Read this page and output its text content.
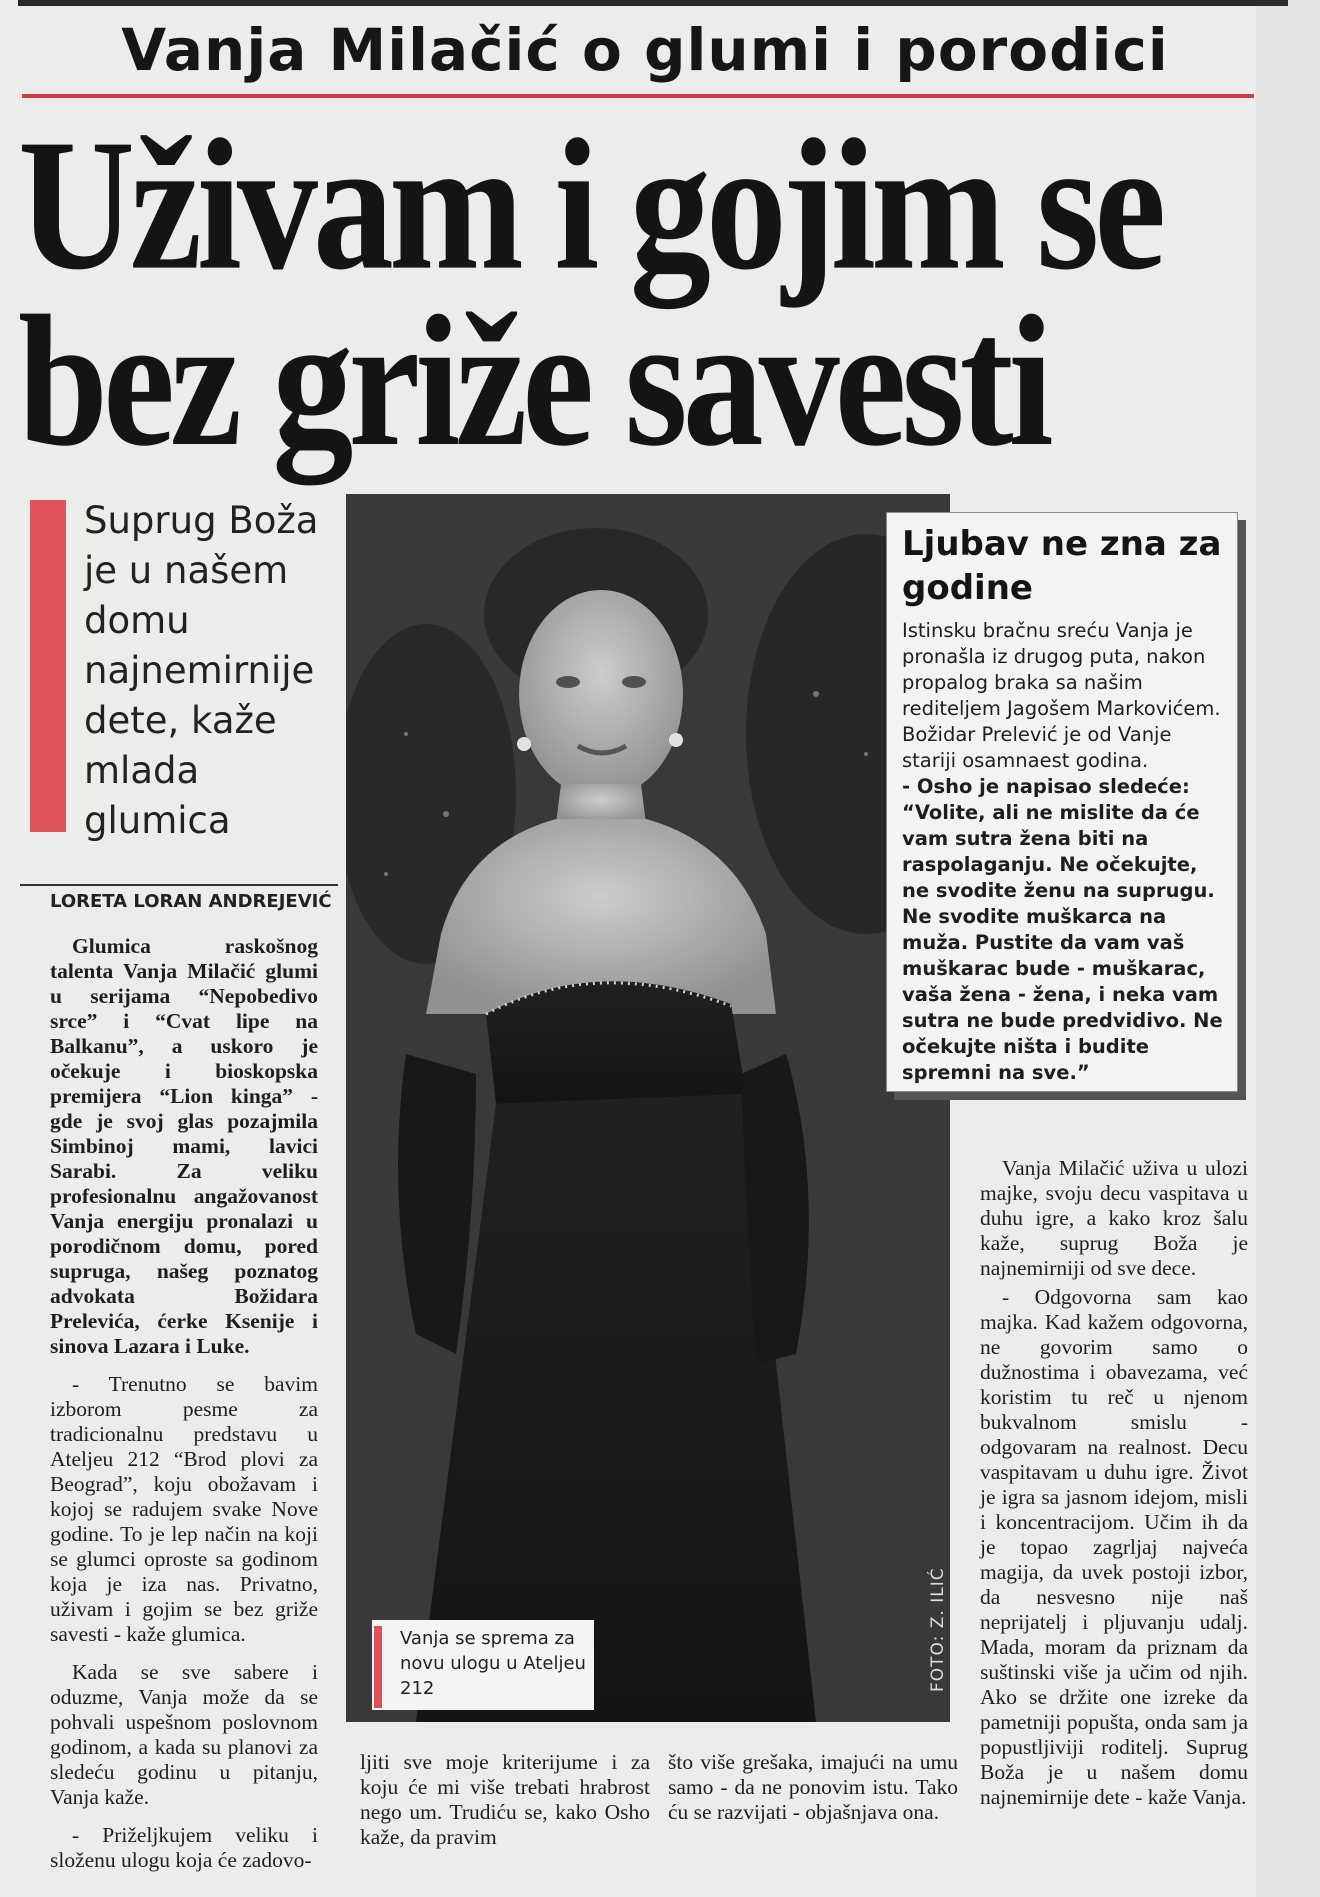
Vanja Milačić o glumi i porodici
Uživam i gojim se
bez griže savesti
Suprug Boža je u našem domu najnemirnije dete, kaže mlada glumica
LORETA LORAN ANDREJEVIĆ

Glumica raskošnog talenta Vanja Milačić glumi u serijama “Nepobedivo srce” i “Cvat lipe na Balkanu”, a uskoro je očekuje i bioskopska premijera “Lion kinga” - gde je svoj glas pozajmila Simbinoj mami, lavici Sarabi. Za veliku profesionalnu angažovanost Vanja energiju pronalazi u porodičnom domu, pored supruga, našeg poznatog advokata Božidara Prelevića, ćerke Ksenije i sinova Lazara i Luke.

- Trenutno se bavim izborom pesme za tradicionalnu predstavu u Ateljeu 212 “Brod plovi za Beograd”, koju obožavam i kojoj se radujem svake Nove godine. To je lep način na koji se glumci oproste sa godinom koja je iza nas. Privatno, uživam i gojim se bez griže savesti - kaže glumica.

Kada se sve sabere i oduzme, Vanja može da se pohvali uspešnom poslovnom godinom, a kada su planovi za sledeću godinu u pitanju, Vanja kaže.

- Priželjkujem veliku i složenu ulogu koja će zadovo-

Vanja se sprema za novu ulogu u Ateljeu 212	FOTO: Z. ILIĆ
Ljubav ne zna za godine

Istinsku bračnu sreću Vanja je pronašla iz drugog puta, nakon propalog braka sa našim rediteljem Jagošem Markovićem. Božidar Prelević je od Vanje stariji osamnaest godina.

- Osho je napisao sledeće: “Volite, ali ne mislite da će vam sutra žena biti na raspolaganju. Ne očekujte, ne svodite ženu na suprugu. Ne svodite muškarca na muža. Pustite da vam vaš muškarac bude - muškarac, vaša žena - žena, i neka vam sutra ne bude predvidivo. Ne očekujte ništa i budite spremni na sve.”

Vanja Milačić uživa u ulozi majke, svoju decu vaspitava u duhu igre, a kako kroz šalu kaže, suprug Boža je najnemirniji od sve dece.

- Odgovorna sam kao majka. Kad kažem odgovorna, ne govorim samo o dužnostima i obavezama, već koristim tu reč u njenom bukvalnom smislu - odgovaram na realnost. Decu vaspitavam u duhu igre. Život je igra sa jasnom idejom, misli i koncentracijom. Učim ih da je topao zagrljaj najveća magija, da uvek postoji izbor, da nesvesno nije naš neprijatelj i pljuvanju udalj. Mada, moram da priznam da suštinski više ja učim od njih. Ako se držite one izreke da pametniji popušta, onda sam ja popustljiviji roditelj. Suprug Boža je u našem domu najnemirnije dete - kaže Vanja.

ljiti sve moje kriterijume i za koju će mi više trebati hrabrost nego um. Trudiću se, kako Osho kaže, da pravim
što više grešaka, imajući na umu samo - da ne ponovim istu. Tako ću se razvijati - objašnjava ona.
